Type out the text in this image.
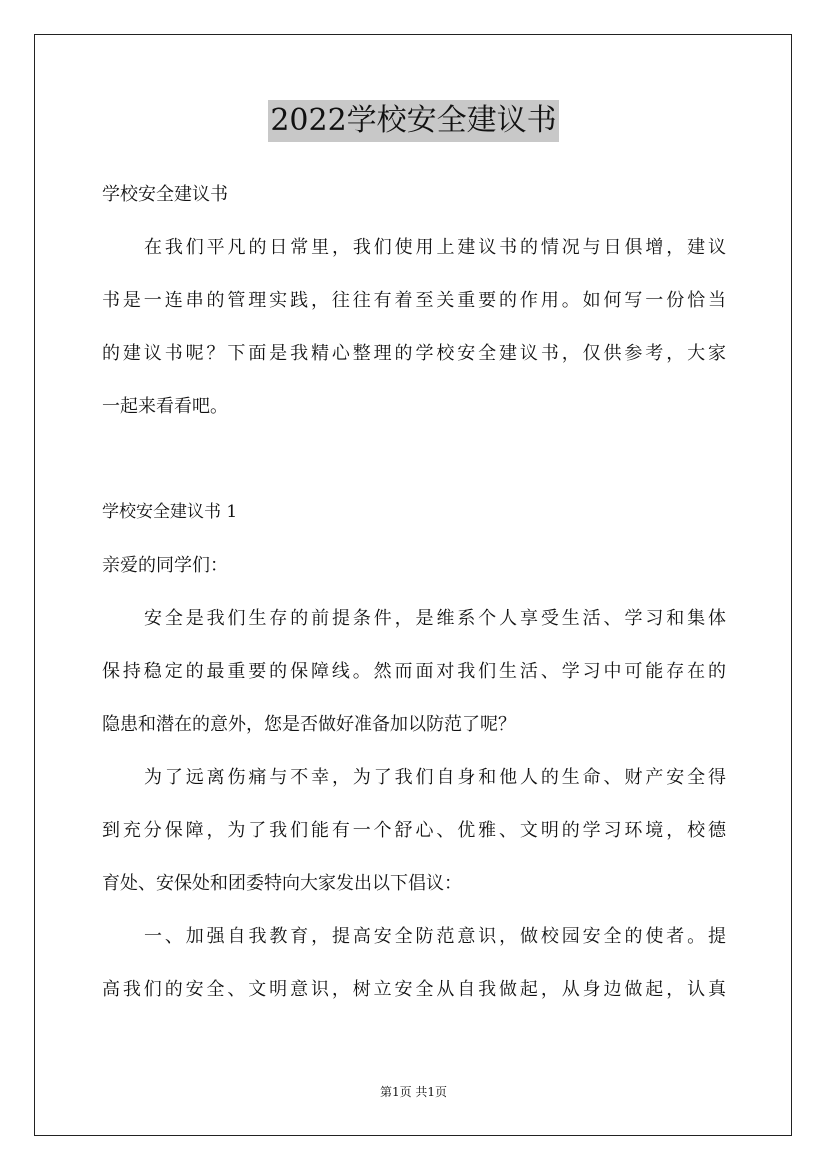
2022学校安全建议书
学校安全建议书
在我们平凡的日常里，我们使用上建议书的情况与日俱增，建议
书是一连串的管理实践，往往有着至关重要的作用。如何写一份恰当
的建议书呢？下面是我精心整理的学校安全建议书，仅供参考，大家
一起来看看吧。
学校安全建议书 1
亲爱的同学们：
安全是我们生存的前提条件，是维系个人享受生活、学习和集体
保持稳定的最重要的保障线。然而面对我们生活、学习中可能存在的
隐患和潜在的意外，您是否做好准备加以防范了呢？
为了远离伤痛与不幸，为了我们自身和他人的生命、财产安全得
到充分保障，为了我们能有一个舒心、优雅、文明的学习环境，校德
育处、安保处和团委特向大家发出以下倡议：
一、加强自我教育，提高安全防范意识，做校园安全的使者。提
高我们的安全、文明意识，树立安全从自我做起，从身边做起，认真
第1页 共1页
